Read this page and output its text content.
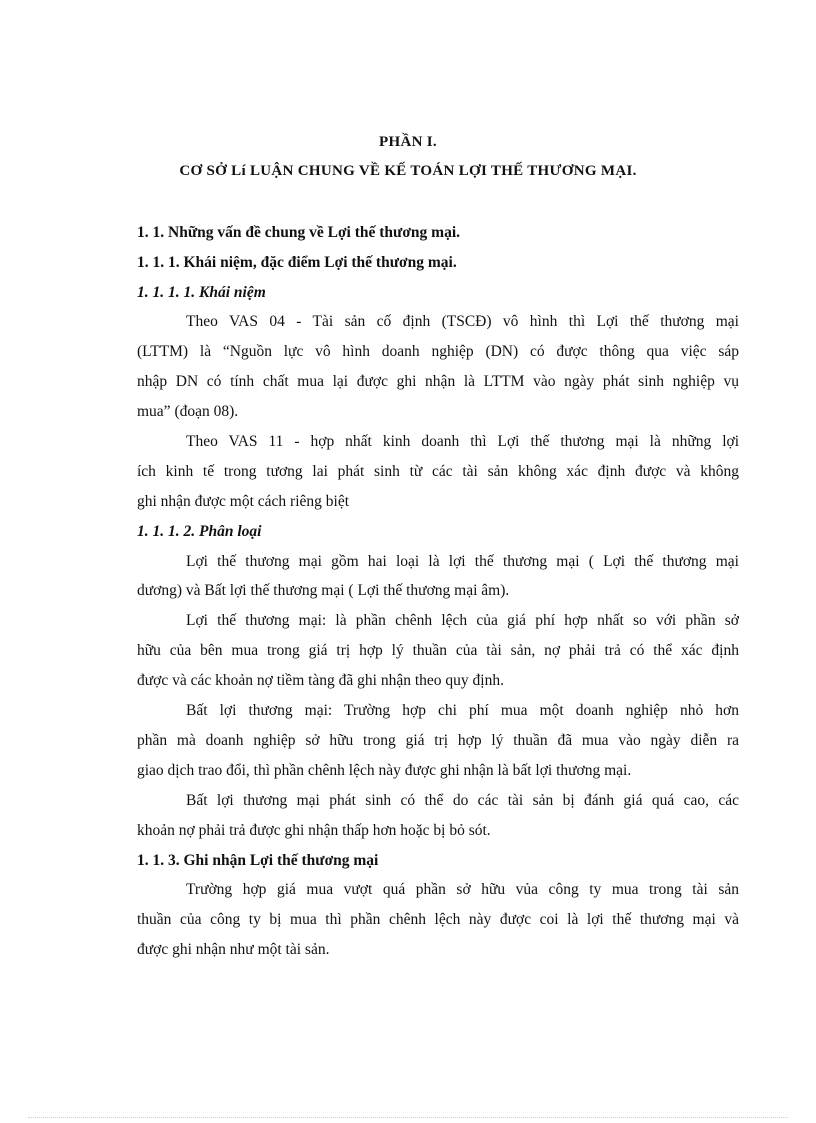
PHẦN I.
CƠ SỞ Lí LUẬN CHUNG VỀ KẾ TOÁN LỢI THẾ THƯƠNG MẠI.
1. 1. Những vấn đề chung về Lợi thế thương mại.
1. 1. 1. Khái niệm, đặc điểm Lợi thế thương mại.
1. 1. 1. 1. Khái niệm
Theo VAS 04 - Tài sản cố định (TSCĐ) vô hình thì Lợi thế thương mại
(LTTM) là “Nguồn lực vô hình doanh nghiệp (DN) có được thông qua việc sáp
nhập DN có tính chất mua lại được ghi nhận là LTTM vào ngày phát sinh nghiệp vụ
mua” (đoạn 08).
Theo VAS 11 - hợp nhất kinh doanh thì Lợi thế thương mại là những lợi
ích kinh tế trong tương lai phát sinh từ các tài sản không xác định được và không
ghi nhận được một cách riêng biệt
1. 1. 1. 2. Phân loại
Lợi thế thương mại gồm hai loại là lợi thế thương mại ( Lợi thế thương mại
dương) và Bất lợi thế thương mại ( Lợi thế thương mại âm).
Lợi thế thương mại: là phần chênh lệch của giá phí hợp nhất so với phần sở
hữu của bên mua trong giá trị hợp lý thuần của tài sản, nợ phải trả có thể xác định
được và các khoản nợ tiềm tàng đã ghi nhận theo quy định.
Bất lợi thương mại: Trường hợp chi phí mua một doanh nghiệp nhỏ hơn
phần mà doanh nghiệp sở hữu trong giá trị hợp lý thuần đã mua vào ngày diễn ra
giao dịch trao đổi, thì phần chênh lệch này được ghi nhận là bất lợi thương mại.
Bất lợi thương mại phát sinh có thể do các tài sản bị đánh giá quá cao, các
khoản nợ phải trả được ghi nhận thấp hơn hoặc bị bỏ sót.
1. 1. 3. Ghi nhận Lợi thế thương mại
Trường hợp giá mua vượt quá phần sở hữu vủa công ty mua trong tài sản
thuần của công ty bị mua thì phần chênh lệch này được coi là lợi thế thương mại và
được ghi nhận như một tài sản.
